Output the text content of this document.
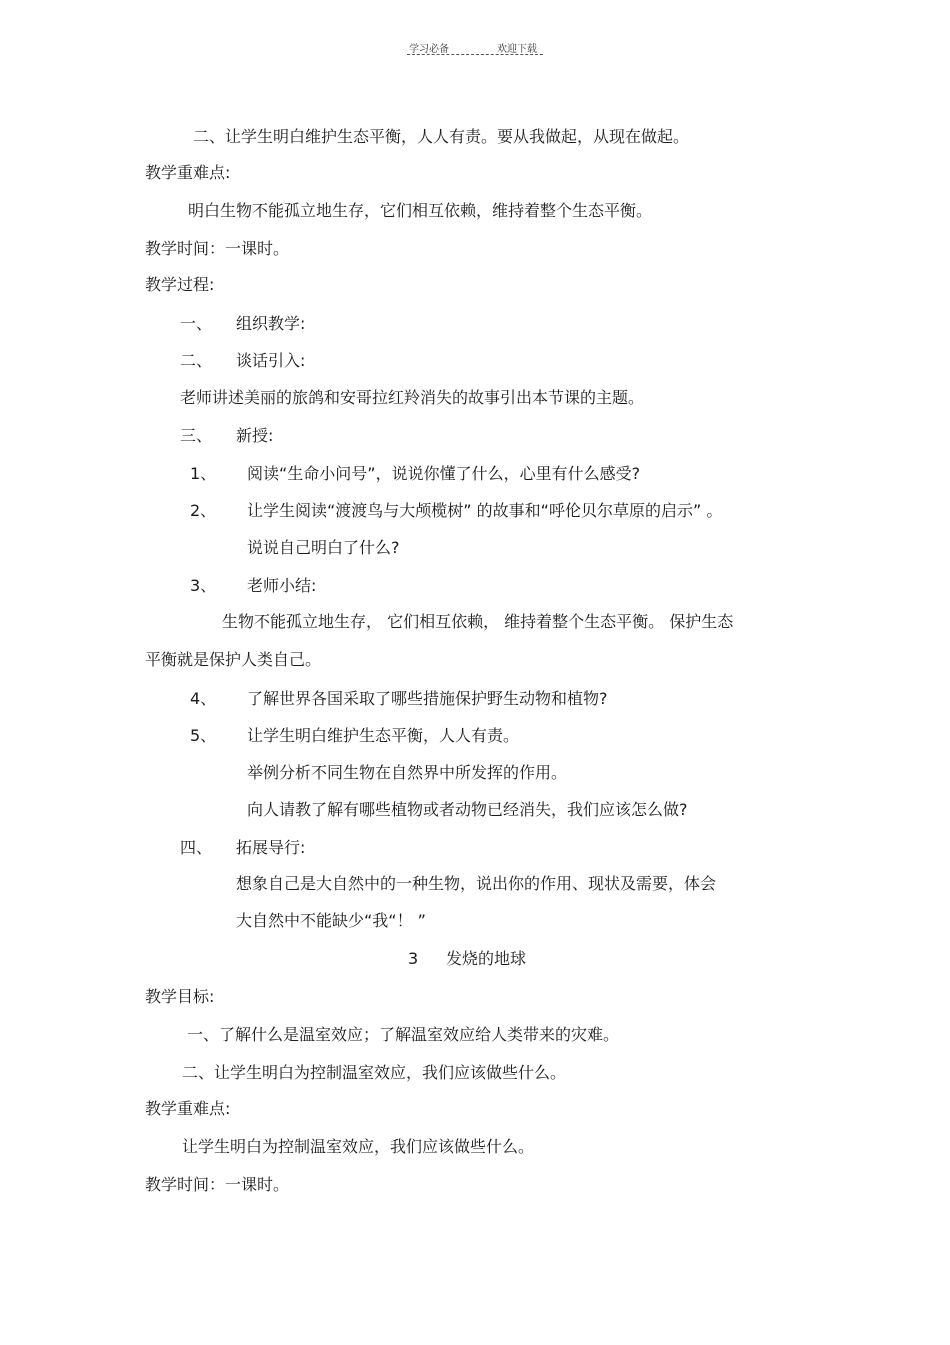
学习必备	欢迎下载
二、让学生明白维护生态平衡，人人有责。要从我做起，从现在做起。
教学重难点:
明白生物不能孤立地生存，它们相互依赖，维持着整个生态平衡。
教学时间：一课时。
教学过程:
一、 组织教学:
二、 谈话引入:
老师讲述美丽的旅鸽和安哥拉红羚消失的故事引出本节课的主题。
三、 新授:
1、 阅读“生命小问号”，说说你懂了什么，心里有什么感受?
2、 让学生阅读“渡渡鸟与大颅榄树” 的故事和“呼伦贝尔草原的启示” 。
说说自己明白了什么?
3、 老师小结:
生物不能孤立地生存， 它们相互依赖， 维持着整个生态平衡。 保护生态
平衡就是保护人类自己。
4、 了解世界各国采取了哪些措施保护野生动物和植物?
5、 让学生明白维护生态平衡，人人有责。
举例分析不同生物在自然界中所发挥的作用。
向人请教了解有哪些植物或者动物已经消失，我们应该怎么做?
四、 拓展导行:
想象自己是大自然中的一种生物，说出你的作用、现状及需要，体会
大自然中不能缺少“我“！ ”
3 发烧的地球
教学目标:
一、了解什么是温室效应；了解温室效应给人类带来的灾难。
二、让学生明白为控制温室效应，我们应该做些什么。
教学重难点:
让学生明白为控制温室效应，我们应该做些什么。
教学时间：一课时。
